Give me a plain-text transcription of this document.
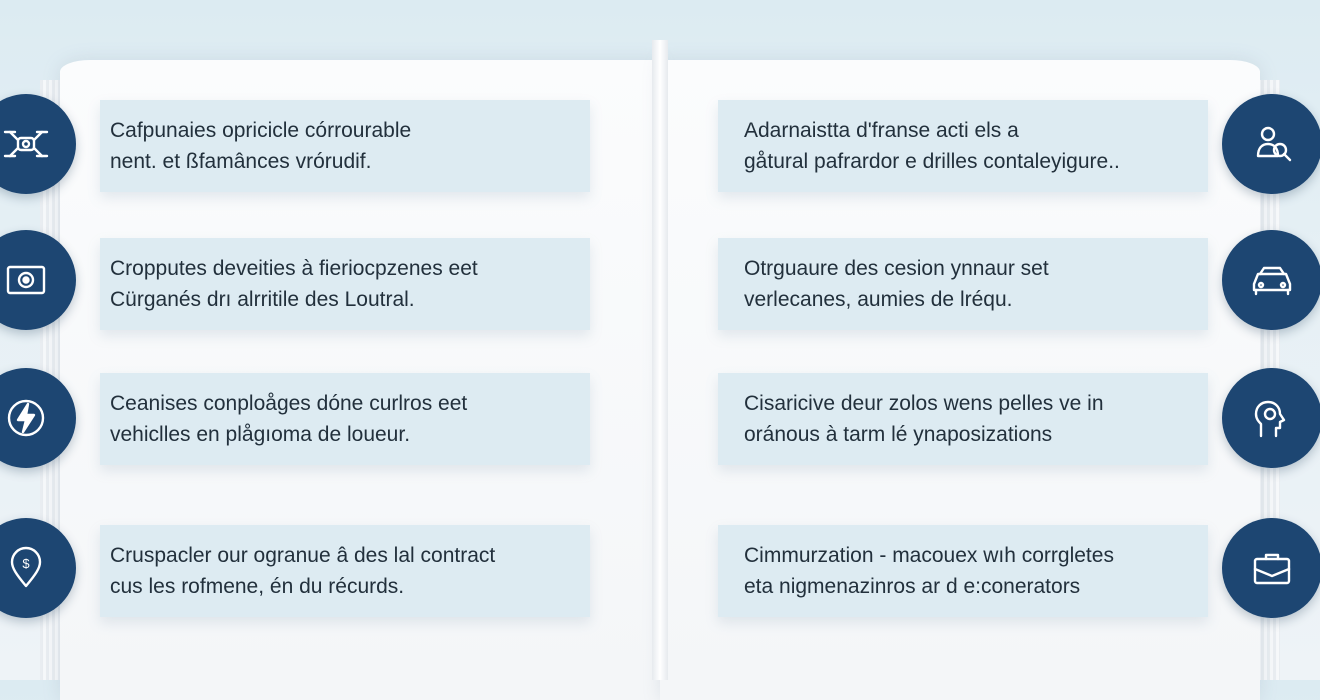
Cafpunaies opricicle córrourable
nent. et ßfamânces vrórudif.
Cropputes deveities à fieriocpzenes eet
Cürganés drı alrritile des Loutral.
Ceanises conploåges dóne curlros eet
vehiclles en plågıoma de loueur.
Cruspa‌cler our ogranue â des lal contract
cus les rofmene, én du récurds.
Adarnaistta d'franse acti els a
gåtural pafrardor e drilles contaleyigure..
Otrguaure des cesion ynnaur set
verlecanes, aumies de lréqu.
Cisaricive deur zolos wens pelles ve in
oránous à tarm lé ynaposizations
Cimmurzation - macouex wıh corrgletes
eta nigmenazinros ar d e:conerators
$
